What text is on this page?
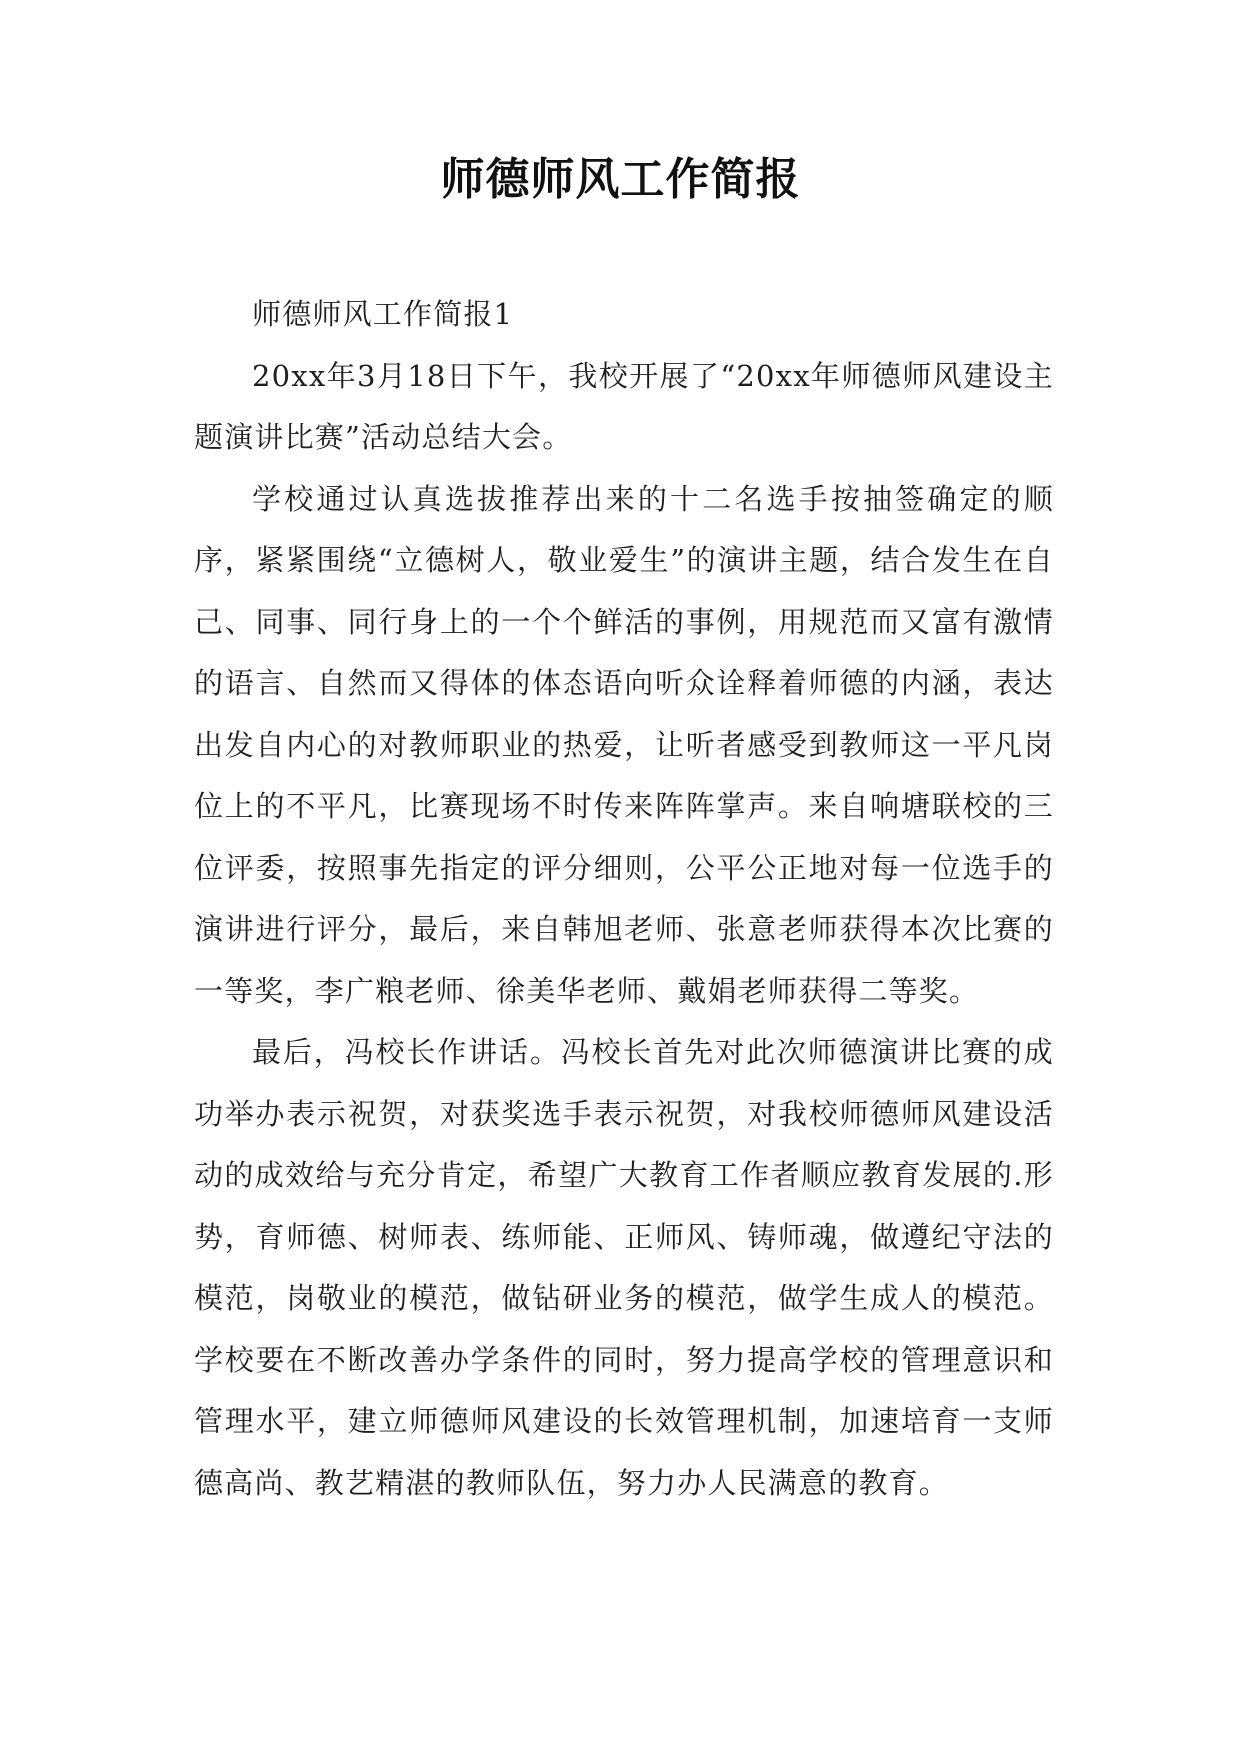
师德师风工作简报

师德师风工作简报1

20xx年3月18日下午，我校开展了“20xx年师德师风建设主题演讲比赛”活动总结大会。

学校通过认真选拔推荐出来的十二名选手按抽签确定的顺序，紧紧围绕“立德树人，敬业爱生”的演讲主题，结合发生在自己、同事、同行身上的一个个鲜活的事例，用规范而又富有激情的语言、自然而又得体的体态语向听众诠释着师德的内涵，表达出发自内心的对教师职业的热爱，让听者感受到教师这一平凡岗位上的不平凡，比赛现场不时传来阵阵掌声。来自响塘联校的三位评委，按照事先指定的评分细则，公平公正地对每一位选手的演讲进行评分，最后，来自韩旭老师、张意老师获得本次比赛的一等奖，李广粮老师、徐美华老师、戴娟老师获得二等奖。

最后，冯校长作讲话。冯校长首先对此次师德演讲比赛的成功举办表示祝贺，对获奖选手表示祝贺，对我校师德师风建设活动的成效给与充分肯定，希望广大教育工作者顺应教育发展的.形势，育师德、树师表、练师能、正师风、铸师魂，做遵纪守法的模范，岗敬业的模范，做钻研业务的模范，做学生成人的模范。学校要在不断改善办学条件的同时，努力提高学校的管理意识和管理水平，建立师德师风建设的长效管理机制，加速培育一支师德高尚、教艺精湛的教师队伍，努力办人民满意的教育。
